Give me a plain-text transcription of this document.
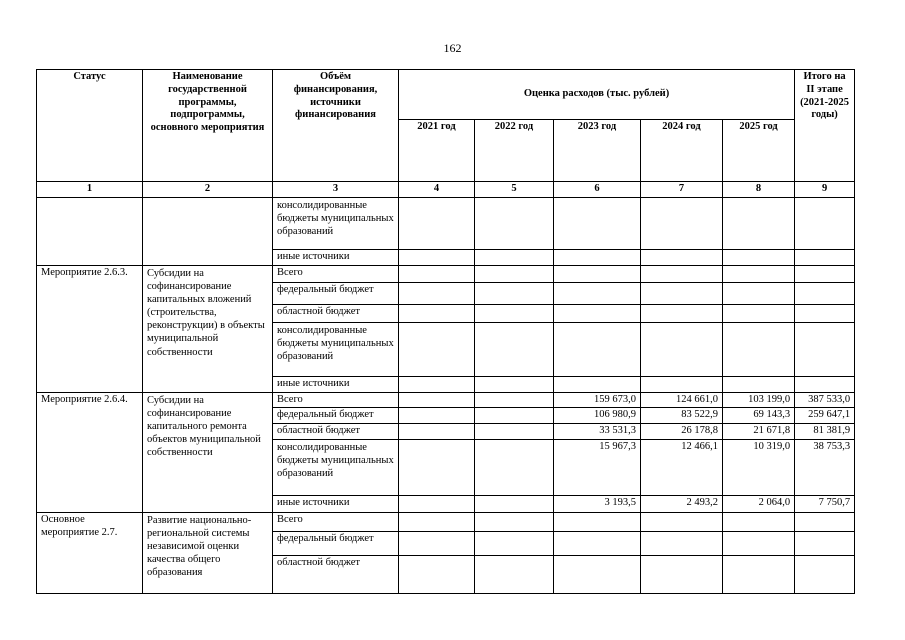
162
Статус	Наименование государственной программы, подпрограммы, основного мероприятия	Объём финансирования, источники финансирования	Оценка расходов (тыс. рублей)					Итого на II этапе (2021-2025 годы)
			2021 год	2022 год	2023 год	2024 год	2025 год	
1	2	3	4	5	6	7	8	9
		консолидированные бюджеты муниципальных образований						
		иные источники						
Мероприятие 2.6.3.	Субсидии на софинансирование капитальных вложений (строительства, реконструкции) в объекты муниципальной собственности	Всего						
		федеральный бюджет						
		областной бюджет						
		консолидированные бюджеты муниципальных образований						
		иные источники						
Мероприятие 2.6.4.	Субсидии на софинансирование капитального ремонта объектов муниципальной собственности	Всего			159 673,0	124 661,0	103 199,0	387 533,0
		федеральный бюджет			106 980,9	83 522,9	69 143,3	259 647,1
		областной бюджет			33 531,3	26 178,8	21 671,8	81 381,9
		консолидированные бюджеты муниципальных образований			15 967,3	12 466,1	10 319,0	38 753,3
		иные источники			3 193,5	2 493,2	2 064,0	7 750,7
Основное мероприятие 2.7.	Развитие национально-региональной системы независимой оценки качества общего образования	Всего						
		федеральный бюджет						
		областной бюджет						
